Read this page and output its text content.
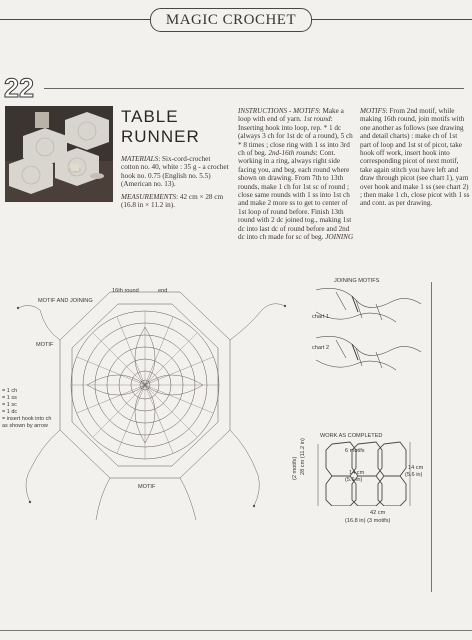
MAGIC CROCHET
22
TABLE
RUNNER
MATERIALS: Six-cord-crochet cotton no. 40, white : 35 g - a crochet hook no. 0.75 (English no. 5.5) (American no. 13).
MEASUREMENTS: 42 cm × 28 cm (16.8 in × 11.2 in).
INSTRUCTIONS - MOTIFS: Make a loop with end of yarn. 1st round: Inserting hook into loop, rep. * 1 dc (always 3 ch for 1st dc of a round), 5 ch * 8 times ; close ring with 1 ss into 3rd ch of beg. 2nd-16th rounds: Cont. working in a ring, always right side facing you, and beg. each round where shown on drawing. From 7th to 13th rounds, make 1 ch for 1st sc of round ; close same rounds with 1 ss into 1st ch and make 2 more ss to get to center of 1st loop of round before. Finish 13th round with 2 dc joined tog., making 1st dc into last dc of round before and 2nd dc into ch made for sc of beg. JOINING
MOTIFS: From 2nd motif, while making 16th round, join motifs with one another as follows (see drawing and detail charts) : make ch of 1st part of loop and 1st st of picot, take hook off work, insert hook into corresponding picot of next motif, take again stitch you have left and draw through picot (see chart 1), yarn over hook and make 1 ss (see chart 2) ; then make 1 ch, close picot with 1 ss and cont. as per drawing.
16th round	end
MOTIF AND JOINING
MOTIF
MOTIF
= 1 ch
= 1 ss
= 1 sc
= 1 dc
= insert hook into ch as shown by arrow
JOINING MOTIFS
chart 1
chart 2
WORK AS COMPLETED
6 motifs
14 cm
(5.6 in)
14 cm
(5.6 in)
28 cm (11.2 in)
(2 motifs)
42 cm
(16.8 in) (3 motifs)
